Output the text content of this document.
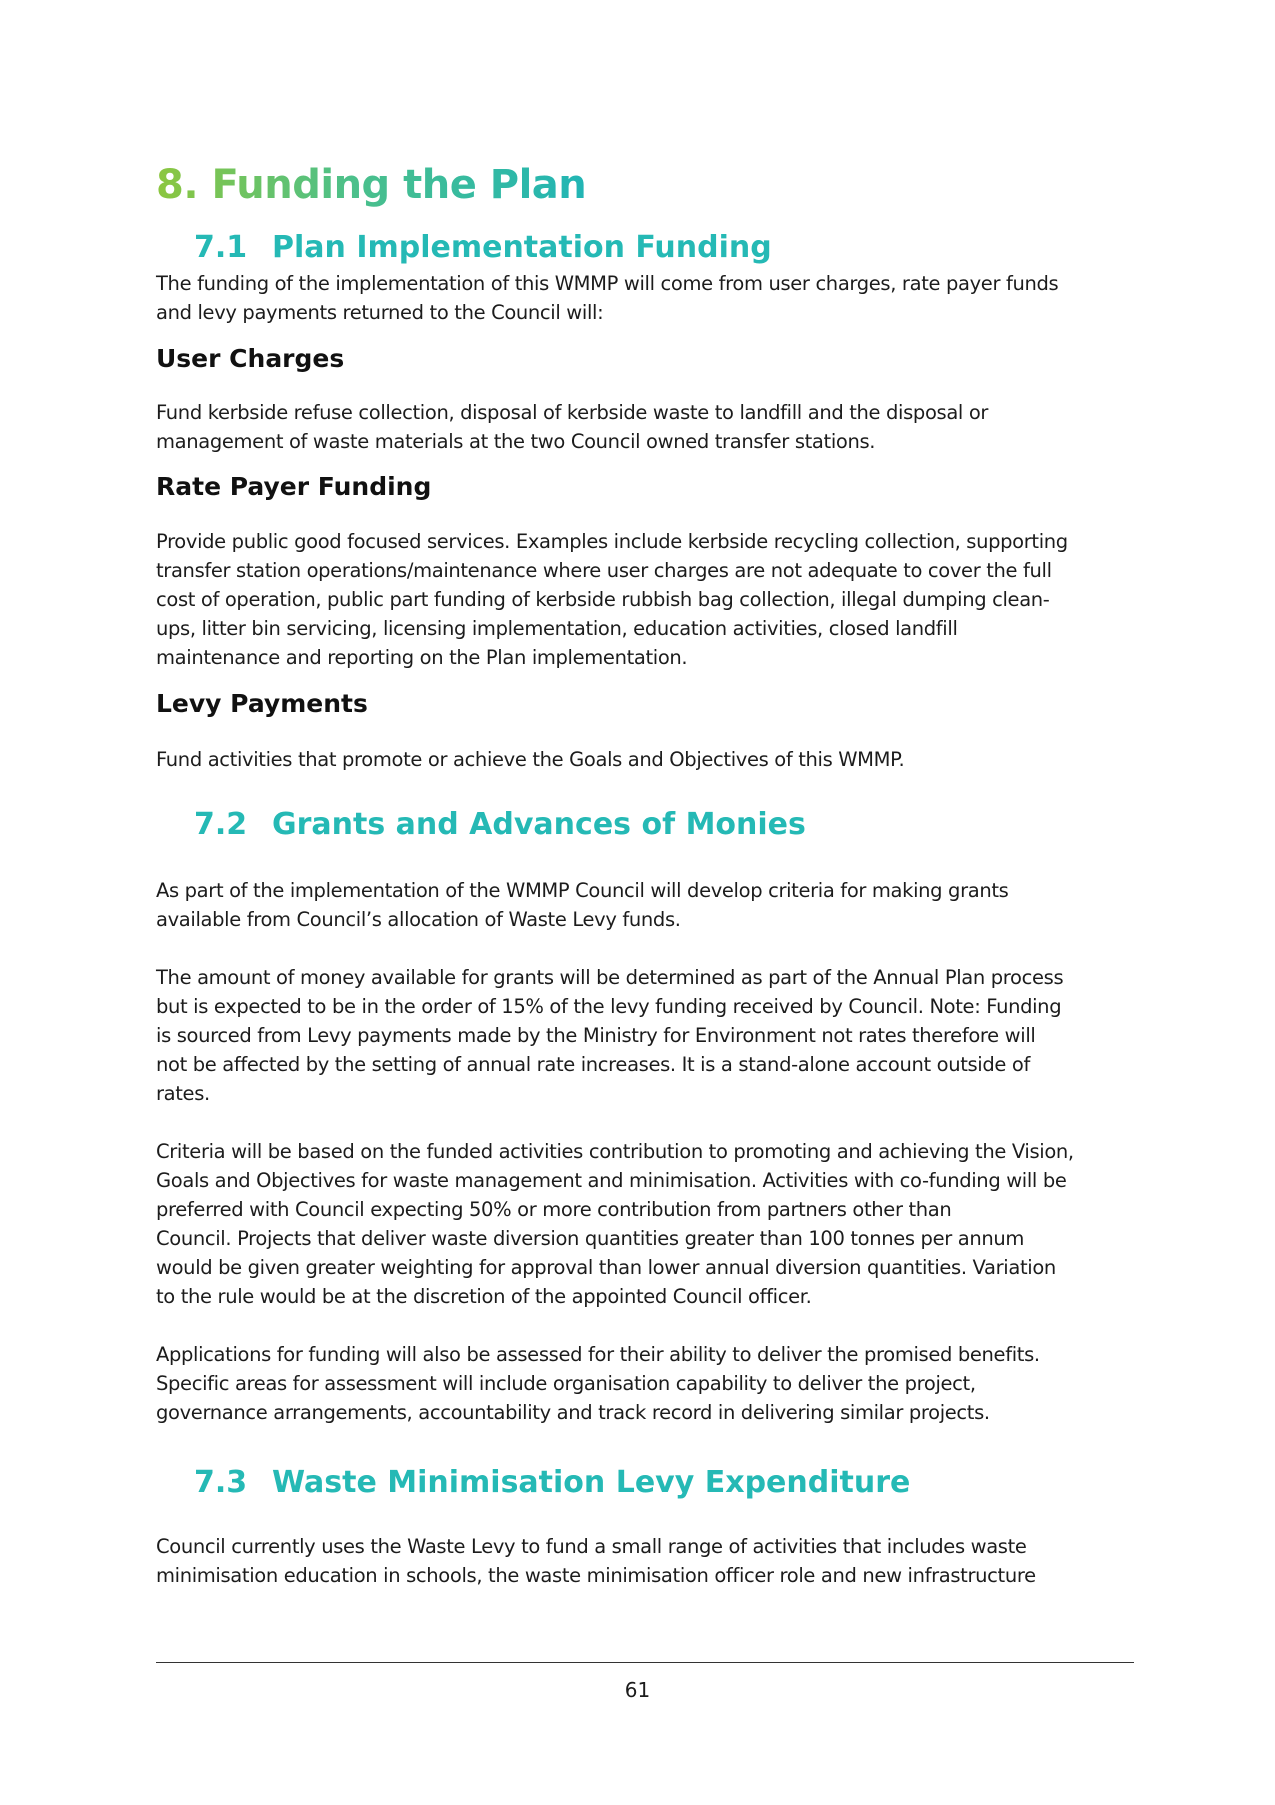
8. Funding the Plan
7.1 Plan Implementation Funding

The funding of the implementation of this WMMP will come from user charges, rate payer funds
and levy payments returned to the Council will:

User Charges

Fund kerbside refuse collection, disposal of kerbside waste to landfill and the disposal or
management of waste materials at the two Council owned transfer stations.

Rate Payer Funding

Provide public good focused services. Examples include kerbside recycling collection, supporting
transfer station operations/maintenance where user charges are not adequate to cover the full
cost of operation, public part funding of kerbside rubbish bag collection, illegal dumping clean-
ups, litter bin servicing, licensing implementation, education activities, closed landfill
maintenance and reporting on the Plan implementation.

Levy Payments

Fund activities that promote or achieve the Goals and Objectives of this WMMP.

7.2 Grants and Advances of Monies

As part of the implementation of the WMMP Council will develop criteria for making grants
available from Council’s allocation of Waste Levy funds.

The amount of money available for grants will be determined as part of the Annual Plan process
but is expected to be in the order of 15% of the levy funding received by Council. Note: Funding
is sourced from Levy payments made by the Ministry for Environment not rates therefore will
not be affected by the setting of annual rate increases. It is a stand-alone account outside of
rates.

Criteria will be based on the funded activities contribution to promoting and achieving the Vision,
Goals and Objectives for waste management and minimisation. Activities with co-funding will be
preferred with Council expecting 50% or more contribution from partners other than
Council. Projects that deliver waste diversion quantities greater than 100 tonnes per annum
would be given greater weighting for approval than lower annual diversion quantities. Variation
to the rule would be at the discretion of the appointed Council officer.

Applications for funding will also be assessed for their ability to deliver the promised benefits.
Specific areas for assessment will include organisation capability to deliver the project,
governance arrangements, accountability and track record in delivering similar projects.

7.3 Waste Minimisation Levy Expenditure

Council currently uses the Waste Levy to fund a small range of activities that includes waste
minimisation education in schools, the waste minimisation officer role and new infrastructure

61
